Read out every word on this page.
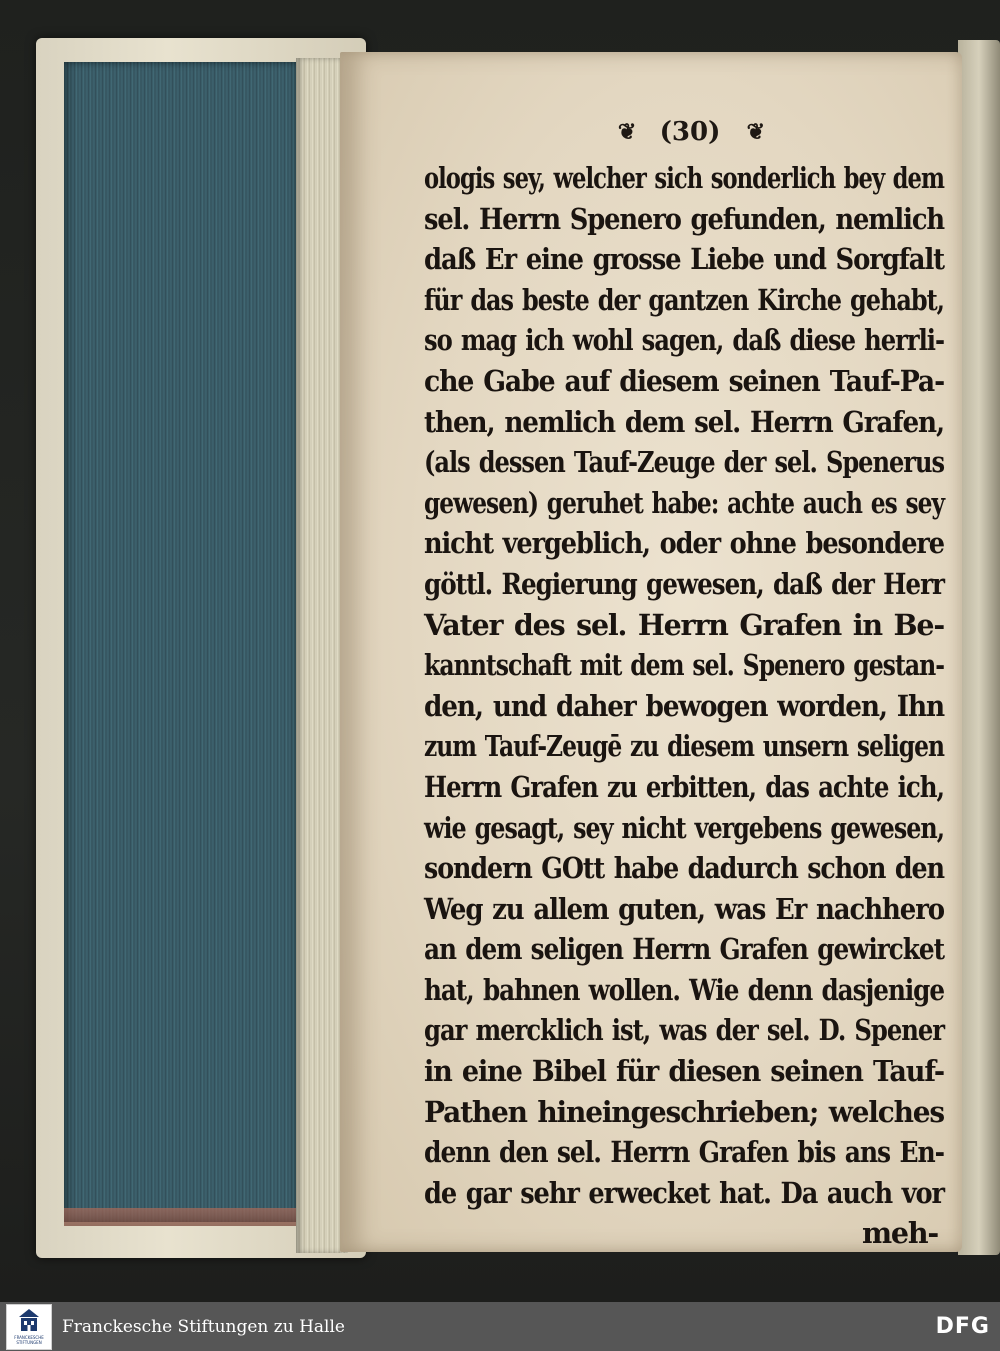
❦	(30)	❦
ologis sey, welcher sich sonderlich bey dem
sel. Herrn Spenero gefunden, nemlich
daß Er eine grosse Liebe und Sorgfalt
für das beste der gantzen Kirche gehabt,
so mag ich wohl sagen, daß diese herrli-
che Gabe auf diesem seinen Tauf-Pa-
then, nemlich dem sel. Herrn Grafen,
(als dessen Tauf-Zeuge der sel. Spenerus
gewesen) geruhet habe: achte auch es sey
nicht vergeblich, oder ohne besondere
göttl. Regierung gewesen, daß der Herr
Vater des sel. Herrn Grafen in Be-
kanntschaft mit dem sel. Spenero gestan-
den, und daher bewogen worden, Ihn
zum Tauf-Zeugē zu diesem unsern seligen
Herrn Grafen zu erbitten, das achte ich,
wie gesagt, sey nicht vergebens gewesen,
sondern GOtt habe dadurch schon den
Weg zu allem guten, was Er nachhero
an dem seligen Herrn Grafen gewircket
hat, bahnen wollen. Wie denn dasjenige
gar mercklich ist, was der sel. D. Spener
in eine Bibel für diesen seinen Tauf-
Pathen hineingeschrieben; welches
denn den sel. Herrn Grafen bis ans En-
de gar sehr erwecket hat. Da auch vor
meh-
FRANCKESCHE STIFTUNGEN
Franckesche Stiftungen zu Halle	DFG
